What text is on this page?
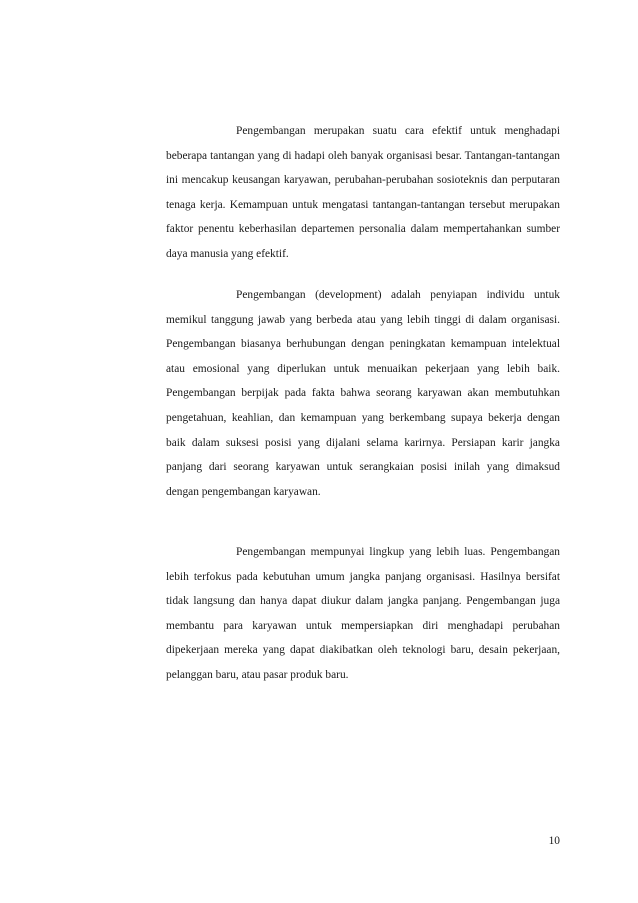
Pengembangan merupakan suatu cara efektif untuk menghadapi beberapa tantangan yang di hadapi oleh banyak organisasi besar. Tantangan-tantangan ini mencakup keusangan karyawan, perubahan-perubahan sosioteknis dan perputaran tenaga kerja. Kemampuan untuk mengatasi tantangan-tantangan tersebut merupakan faktor penentu keberhasilan departemen personalia dalam mempertahankan sumber daya manusia yang efektif.

Pengembangan (development) adalah penyiapan individu untuk memikul tanggung jawab yang berbeda atau yang lebih tinggi di dalam organisasi. Pengembangan biasanya berhubungan dengan peningkatan kemampuan intelektual atau emosional yang diperlukan untuk menuaikan pekerjaan yang lebih baik. Pengembangan berpijak pada fakta bahwa seorang karyawan akan membutuhkan pengetahuan, keahlian, dan kemampuan yang berkembang supaya bekerja dengan baik dalam suksesi posisi yang dijalani selama karirnya. Persiapan karir jangka panjang dari seorang karyawan untuk serangkaian posisi inilah yang dimaksud dengan pengembangan karyawan.

Pengembangan mempunyai lingkup yang lebih luas. Pengembangan lebih terfokus pada kebutuhan umum jangka panjang organisasi. Hasilnya bersifat tidak langsung dan hanya dapat diukur dalam jangka panjang. Pengembangan juga membantu para karyawan untuk mempersiapkan diri menghadapi perubahan dipekerjaan mereka yang dapat diakibatkan oleh teknologi baru, desain pekerjaan, pelanggan baru, atau pasar produk baru.

10
